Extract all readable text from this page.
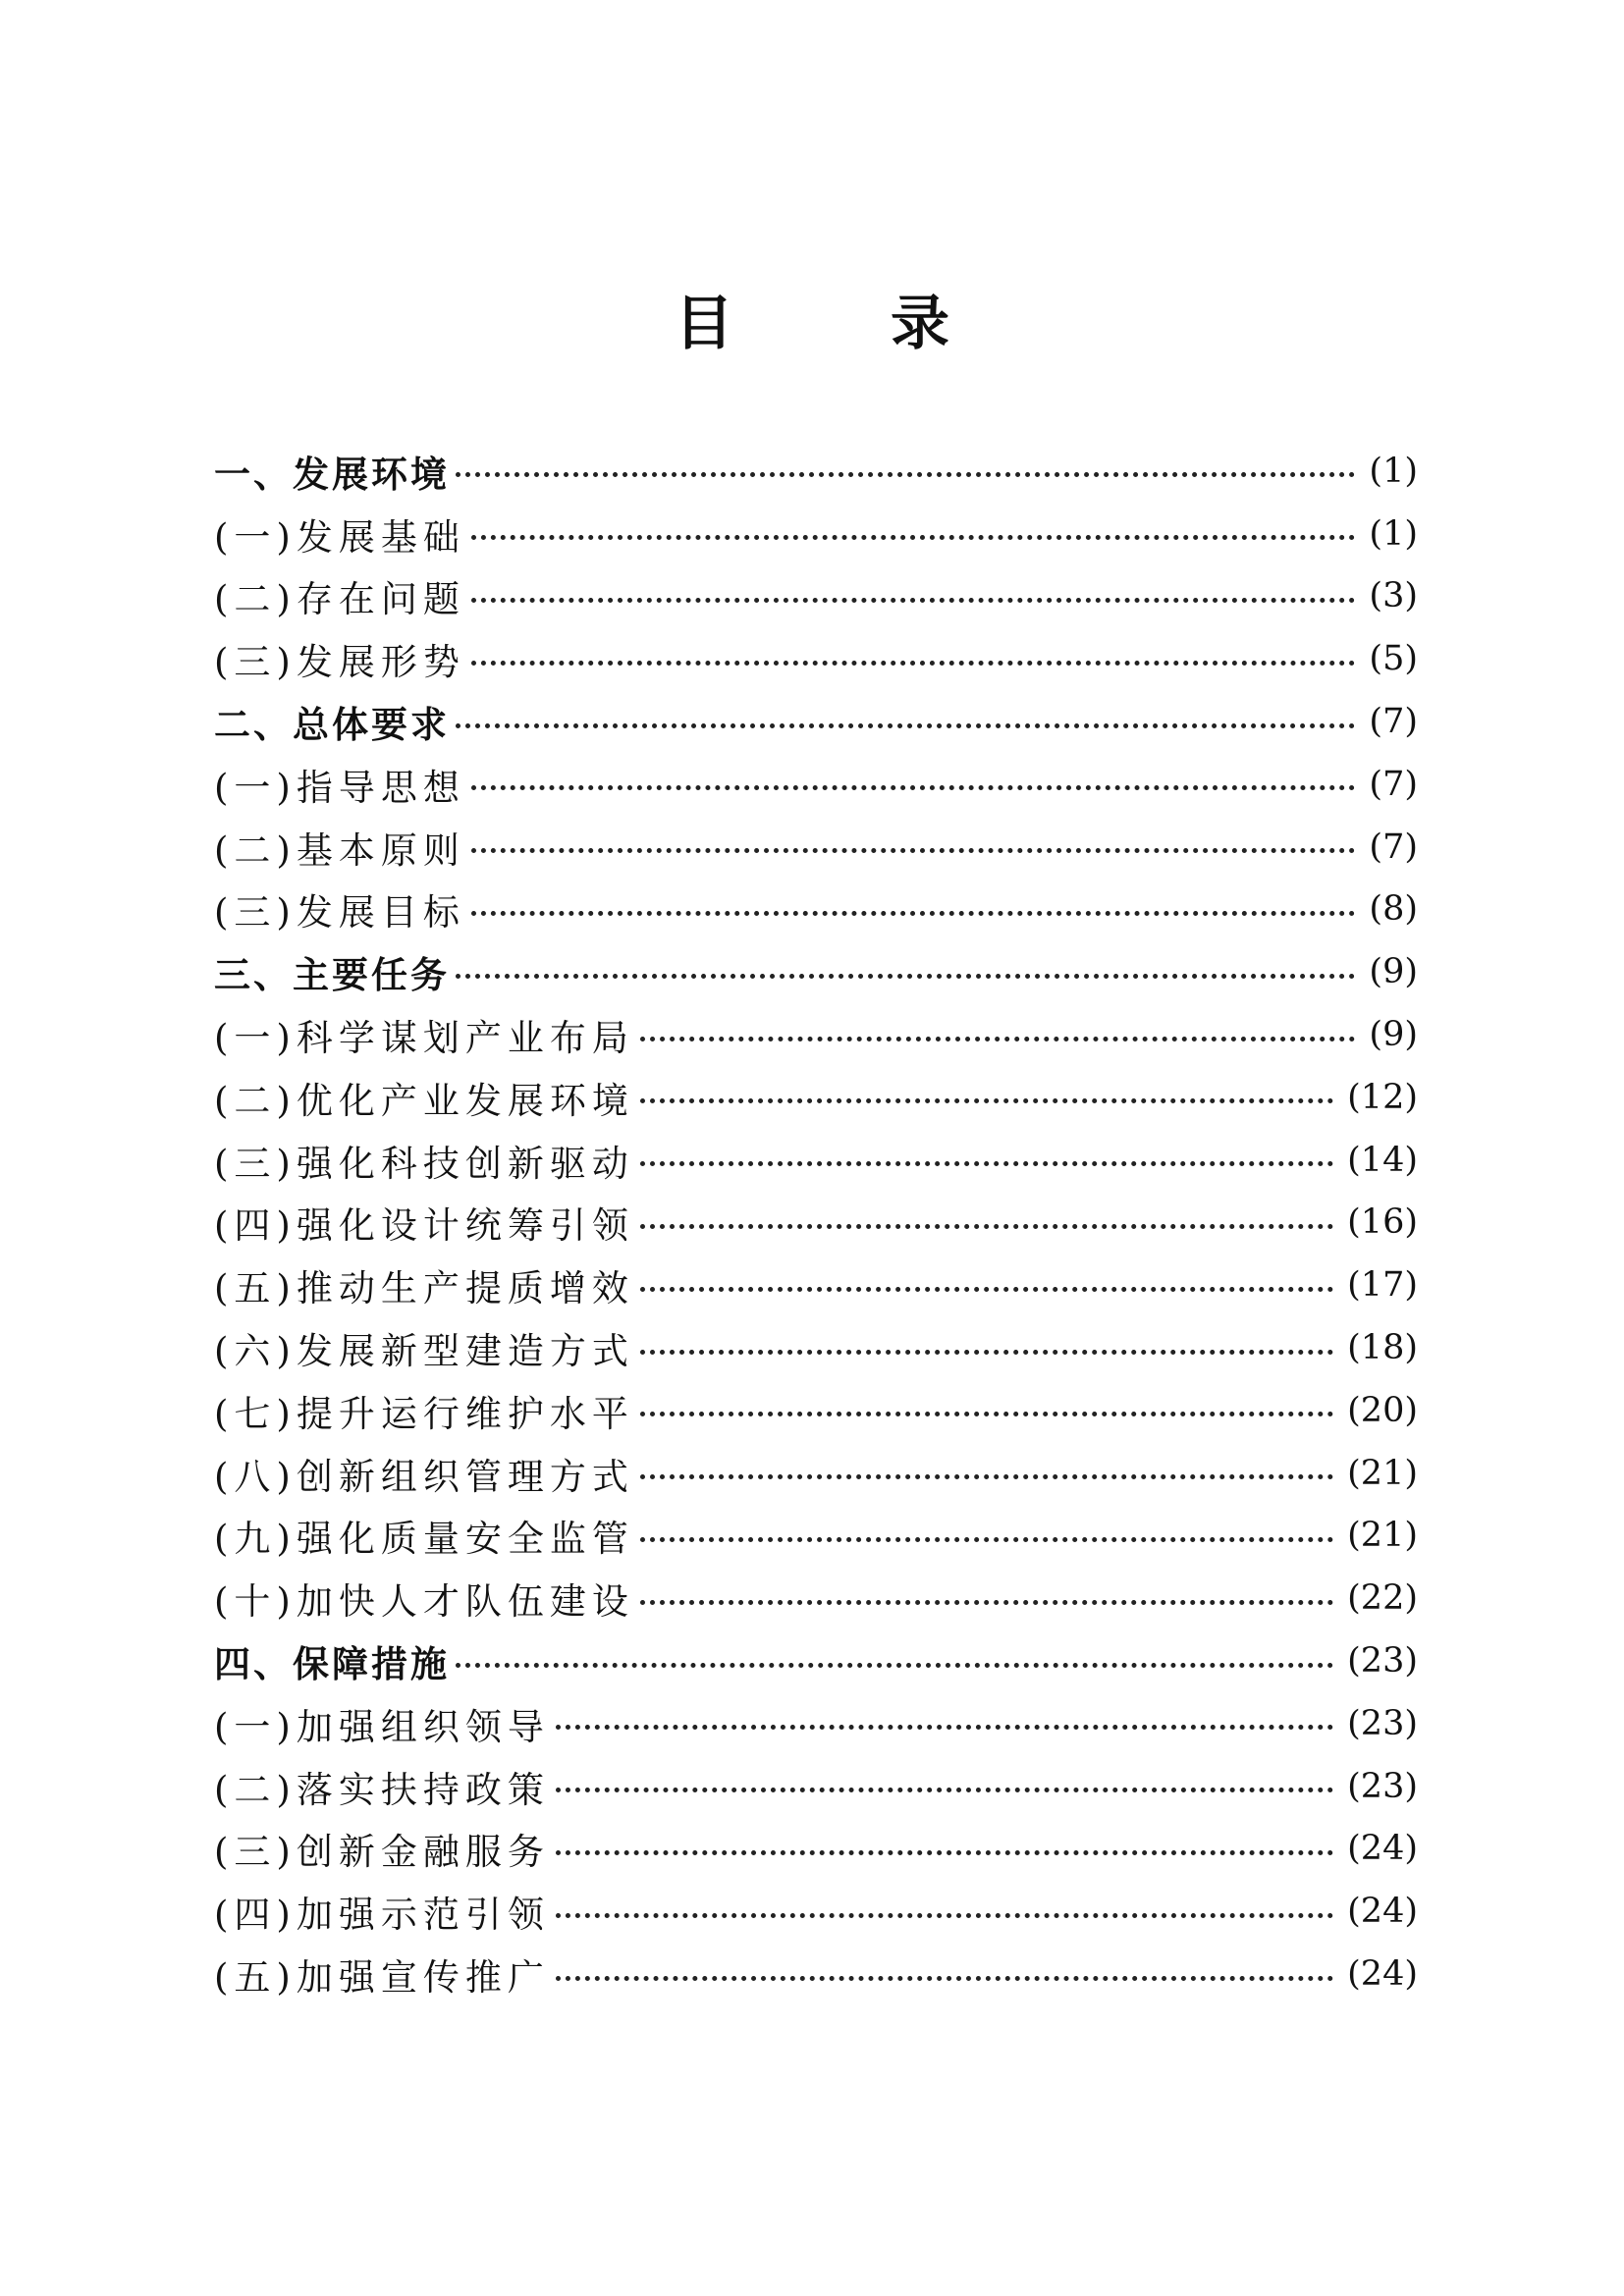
目	录
一、发展环境	(1)
(一)发展基础	(1)
(二)存在问题	(3)
(三)发展形势	(5)
二、总体要求	(7)
(一)指导思想	(7)
(二)基本原则	(7)
(三)发展目标	(8)
三、主要任务	(9)
(一)科学谋划产业布局	(9)
(二)优化产业发展环境	(12)
(三)强化科技创新驱动	(14)
(四)强化设计统筹引领	(16)
(五)推动生产提质增效	(17)
(六)发展新型建造方式	(18)
(七)提升运行维护水平	(20)
(八)创新组织管理方式	(21)
(九)强化质量安全监管	(21)
(十)加快人才队伍建设	(22)
四、保障措施	(23)
(一)加强组织领导	(23)
(二)落实扶持政策	(23)
(三)创新金融服务	(24)
(四)加强示范引领	(24)
(五)加强宣传推广	(24)
